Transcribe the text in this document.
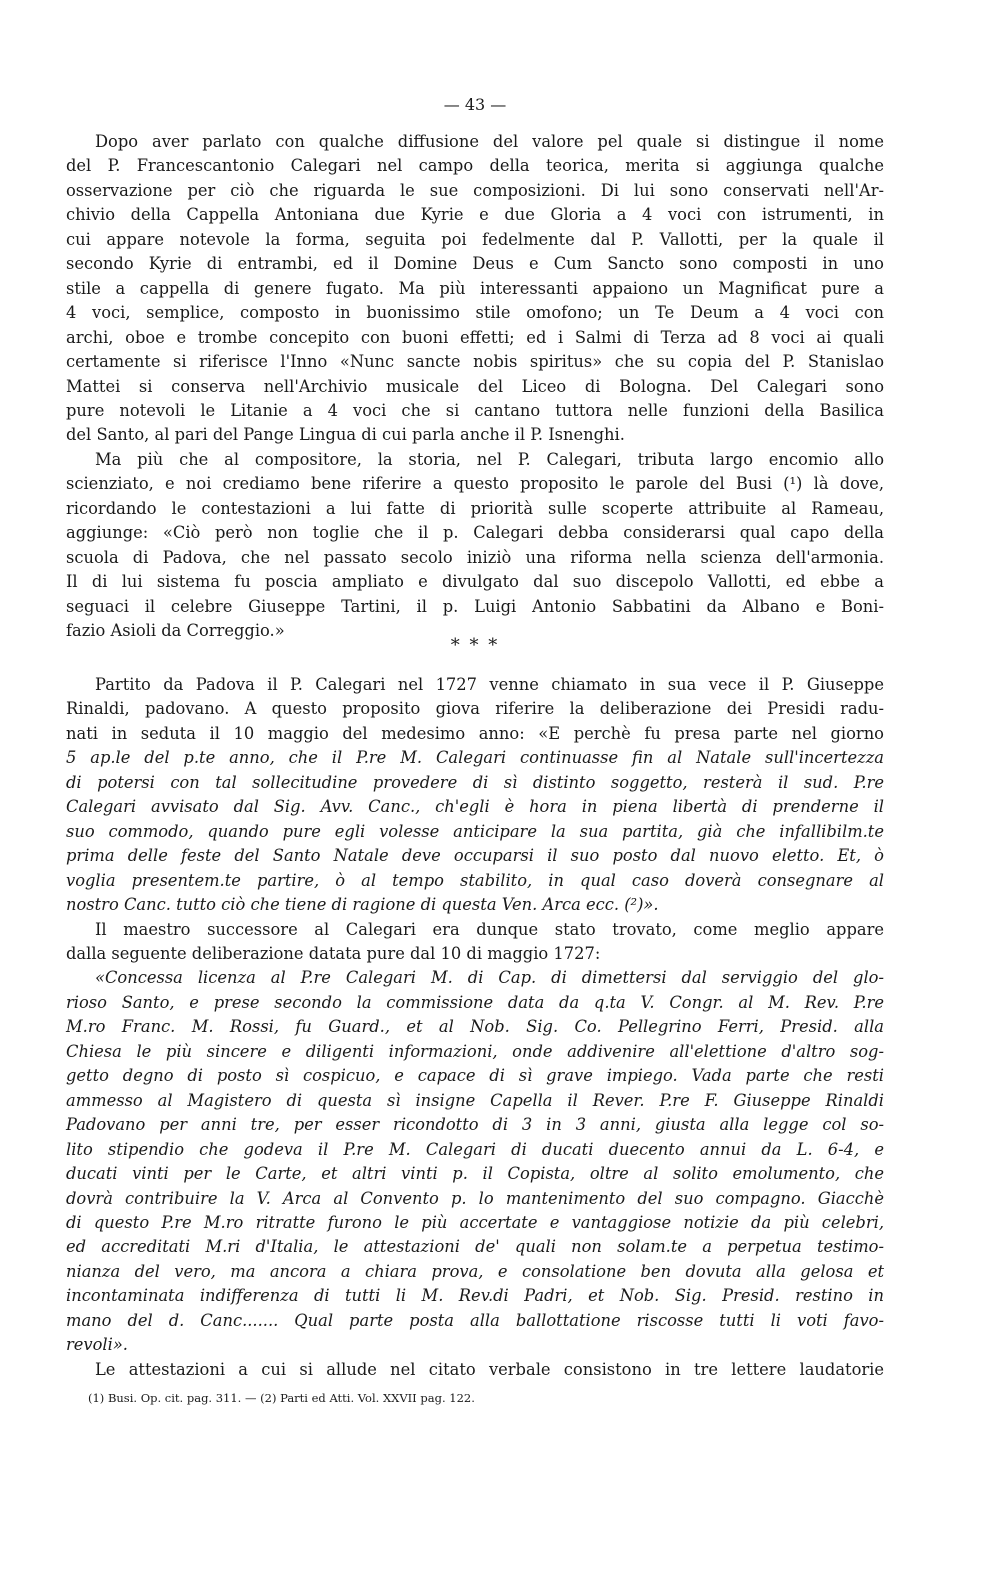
— 43 —
Dopo aver parlato con qualche diffusione del valore pel quale si distingue il nome
del P. Francescantonio Calegari nel campo della teorica, merita si aggiunga qualche
osservazione per ciò che riguarda le sue composizioni. Di lui sono conservati nell'Ar-
chivio della Cappella Antoniana due Kyrie e due Gloria a 4 voci con istrumenti, in
cui appare notevole la forma, seguita poi fedelmente dal P. Vallotti, per la quale il
secondo Kyrie di entrambi, ed il Domine Deus e Cum Sancto sono composti in uno
stile a cappella di genere fugato. Ma più interessanti appaiono un Magnificat pure a
4 voci, semplice, composto in buonissimo stile omofono; un Te Deum a 4 voci con
archi, oboe e trombe concepito con buoni effetti; ed i Salmi di Terza ad 8 voci ai quali
certamente si riferisce l'Inno «Nunc sancte nobis spiritus» che su copia del P. Stanislao
Mattei si conserva nell'Archivio musicale del Liceo di Bologna. Del Calegari sono
pure notevoli le Litanie a 4 voci che si cantano tuttora nelle funzioni della Basilica
del Santo, al pari del Pange Lingua di cui parla anche il P. Isnenghi.
Ma più che al compositore, la storia, nel P. Calegari, tributa largo encomio allo
scienziato, e noi crediamo bene riferire a questo proposito le parole del Busi (¹) là dove,
ricordando le contestazioni a lui fatte di priorità sulle scoperte attribuite al Rameau,
aggiunge: «Ciò però non toglie che il p. Calegari debba considerarsi qual capo della
scuola di Padova, che nel passato secolo iniziò una riforma nella scienza dell'armonia.
Il di lui sistema fu poscia ampliato e divulgato dal suo discepolo Vallotti, ed ebbe a
seguaci il celebre Giuseppe Tartini, il p. Luigi Antonio Sabbatini da Albano e Boni-
fazio Asioli da Correggio.»
* * *
Partito da Padova il P. Calegari nel 1727 venne chiamato in sua vece il P. Giuseppe
Rinaldi, padovano. A questo proposito giova riferire la deliberazione dei Presidi radu-
nati in seduta il 10 maggio del medesimo anno: «E perchè fu presa parte nel giorno
5 ap.le del p.te anno, che il P.re M. Calegari continuasse fin al Natale sull'incertezza
di potersi con tal sollecitudine provedere di sì distinto soggetto, resterà il sud. P.re
Calegari avvisato dal Sig. Avv. Canc., ch'egli è hora in piena libertà di prenderne il
suo commodo, quando pure egli volesse anticipare la sua partita, già che infallibilm.te
prima delle feste del Santo Natale deve occuparsi il suo posto dal nuovo eletto. Et, ò
voglia presentem.te partire, ò al tempo stabilito, in qual caso doverà consegnare al
nostro Canc. tutto ciò che tiene di ragione di questa Ven. Arca ecc. (²)».
Il maestro successore al Calegari era dunque stato trovato, come meglio appare
dalla seguente deliberazione datata pure dal 10 di maggio 1727:
«Concessa licenza al P.re Calegari M. di Cap. di dimettersi dal serviggio del glo-
rioso Santo, e prese secondo la commissione data da q.ta V. Congr. al M. Rev. P.re
M.ro Franc. M. Rossi, fu Guard., et al Nob. Sig. Co. Pellegrino Ferri, Presid. alla
Chiesa le più sincere e diligenti informazioni, onde addivenire all'elettione d'altro sog-
getto degno di posto sì cospicuo, e capace di sì grave impiego. Vada parte che resti
ammesso al Magistero di questa sì insigne Capella il Rever. P.re F. Giuseppe Rinaldi
Padovano per anni tre, per esser ricondotto di 3 in 3 anni, giusta alla legge col so-
lito stipendio che godeva il P.re M. Calegari di ducati duecento annui da L. 6-4, e
ducati vinti per le Carte, et altri vinti p. il Copista, oltre al solito emolumento, che
dovrà contribuire la V. Arca al Convento p. lo mantenimento del suo compagno. Giacchè
di questo P.re M.ro ritratte furono le più accertate e vantaggiose notizie da più celebri,
ed accreditati M.ri d'Italia, le attestazioni de' quali non solam.te a perpetua testimo-
nianza del vero, ma ancora a chiara prova, e consolatione ben dovuta alla gelosa et
incontaminata indifferenza di tutti li M. Rev.di Padri, et Nob. Sig. Presid. restino in
mano del d. Canc....... Qual parte posta alla ballottatione riscosse tutti li voti favo-
revoli».
Le attestazioni a cui si allude nel citato verbale consistono in tre lettere laudatorie
(1) Busi. Op. cit. pag. 311. — (2) Parti ed Atti. Vol. XXVII pag. 122.
